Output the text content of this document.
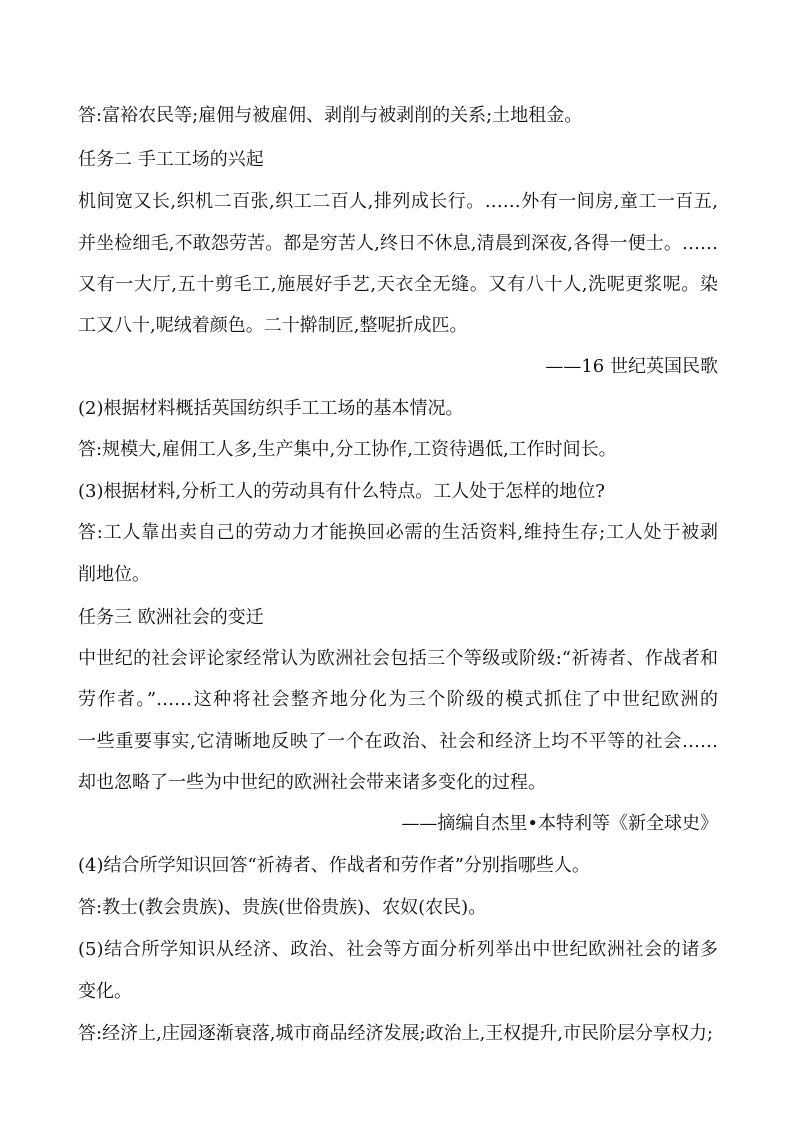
答:富裕农民等;雇佣与被雇佣、剥削与被剥削的关系;土地租金。
任务二 手工工场的兴起
机间宽又长,织机二百张,织工二百人,排列成长行。……外有一间房,童工一百五,
并坐检细毛,不敢怨劳苦。都是穷苦人,终日不休息,清晨到深夜,各得一便士。……
又有一大厅,五十剪毛工,施展好手艺,天衣全无缝。又有八十人,洗呢更浆呢。染
工又八十,呢绒着颜色。二十擀制匠,整呢折成匹。
——16 世纪英国民歌
(2)根据材料概括英国纺织手工工场的基本情况。
答:规模大,雇佣工人多,生产集中,分工协作,工资待遇低,工作时间长。
(3)根据材料,分析工人的劳动具有什么特点。工人处于怎样的地位?
答:工人靠出卖自己的劳动力才能换回必需的生活资料,维持生存;工人处于被剥
削地位。
任务三 欧洲社会的变迁
中世纪的社会评论家经常认为欧洲社会包括三个等级或阶级:“祈祷者、作战者和
劳作者。”……这种将社会整齐地分化为三个阶级的模式抓住了中世纪欧洲的
一些重要事实,它清晰地反映了一个在政治、社会和经济上均不平等的社会……
却也忽略了一些为中世纪的欧洲社会带来诸多变化的过程。
——摘编自杰里•本特利等《新全球史》
(4)结合所学知识回答“祈祷者、作战者和劳作者”分别指哪些人。
答:教士(教会贵族)、贵族(世俗贵族)、农奴(农民)。
(5)结合所学知识从经济、政治、社会等方面分析列举出中世纪欧洲社会的诸多
变化。
答:经济上,庄园逐渐衰落,城市商品经济发展;政治上,王权提升,市民阶层分享权力;
